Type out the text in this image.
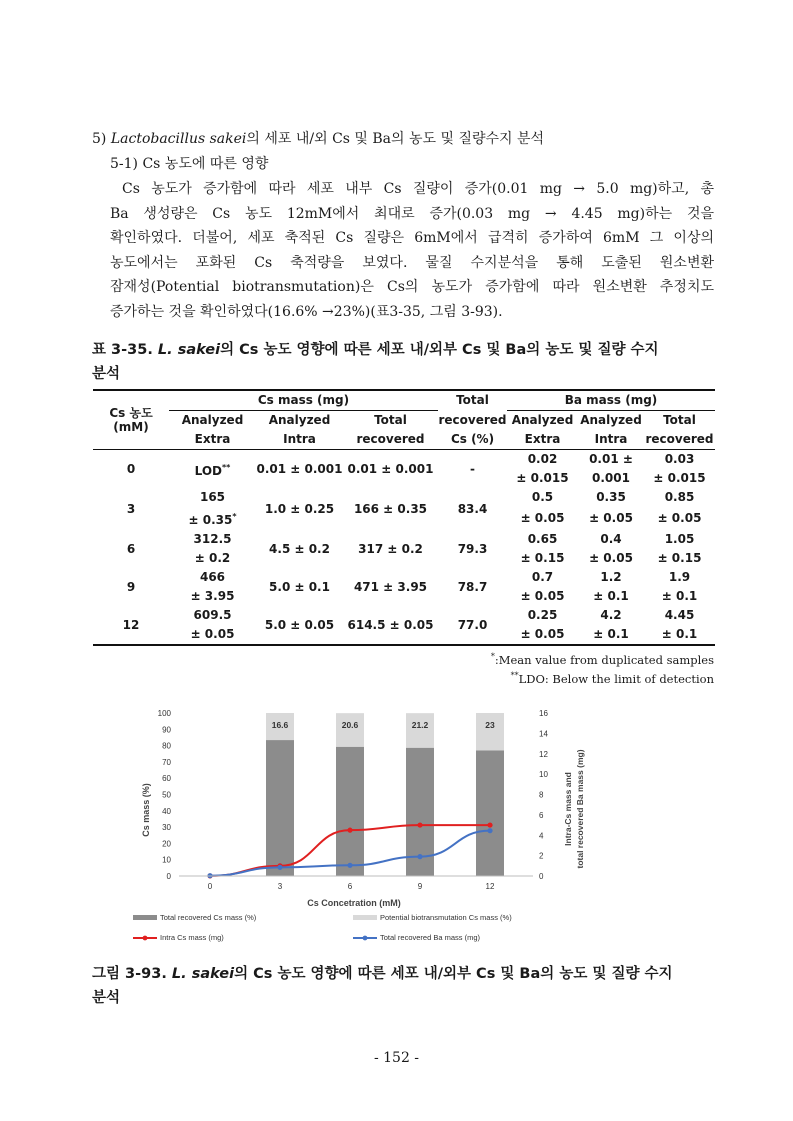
5) Lactobacillus sakei의 세포 내/외 Cs 및 Ba의 농도 및 질량수지 분석
5-1) Cs 농도에 따른 영향
Cs 농도가 증가함에 따라 세포 내부 Cs 질량이 증가(0.01 mg → 5.0 mg)하고, 총
Ba 생성량은 Cs 농도 12mM에서 최대로 증가(0.03 mg → 4.45 mg)하는 것을
확인하였다. 더불어, 세포 축적된 Cs 질량은 6mM에서 급격히 증가하여 6mM 그 이상의
농도에서는 포화된 Cs 축적량을 보였다. 물질 수지분석을 통해 도출된 원소변환
잠재성(Potential biotransmutation)은 Cs의 농도가 증가함에 따라 원소변환 추정치도
증가하는 것을 확인하였다(16.6% →23%)(표3-35, 그림 3-93).
표 3-35. L. sakei의 Cs 농도 영향에 따른 세포 내/외부 Cs 및 Ba의 농도 및 질량 수지
분석
Cs 농도
(mM)	Cs mass (mg)			Total	Ba mass (mg)		
	Analyzed	Analyzed	Total	recovered	Analyzed	Analyzed	Total
	Extra	Intra	recovered	Cs (%)	Extra	Intra	recovered
0	LOD**	0.01 ± 0.001	0.01 ± 0.001	-	0.02	0.01 ±	0.03
					± 0.015	0.001	± 0.015
3	165	1.0 ± 0.25	166 ± 0.35	83.4	0.5	0.35	0.85
	± 0.35*				± 0.05	± 0.05	± 0.05
6	312.5	4.5 ± 0.2	317 ± 0.2	79.3	0.65	0.4	1.05
	± 0.2				± 0.15	± 0.05	± 0.15
9	466	5.0 ± 0.1	471 ± 3.95	78.7	0.7	1.2	1.9
	± 3.95				± 0.05	± 0.1	± 0.1
12	609.5	5.0 ± 0.05	614.5 ± 0.05	77.0	0.25	4.2	4.45
	± 0.05				± 0.05	± 0.1	± 0.1
*:Mean value from duplicated samples
**LDO: Below the limit of detection
16.6	20.6	21.2	23
0
10
20
30
40
50
60
70
80
90
100
0
2
4
6
8
10
12
14
16
0	3	6	9	12
Cs Concetration (mM)
Cs mass (%)	Intra-Cs mass and total recovered Ba mass (mg)
Total recovered Cs mass (%)	Potential biotransmutation Cs mass (%)
Intra Cs mass (mg)	Total recovered Ba mass (mg)
그림 3-93. L. sakei의 Cs 농도 영향에 따른 세포 내/외부 Cs 및 Ba의 농도 및 질량 수지
분석
- 152 -
